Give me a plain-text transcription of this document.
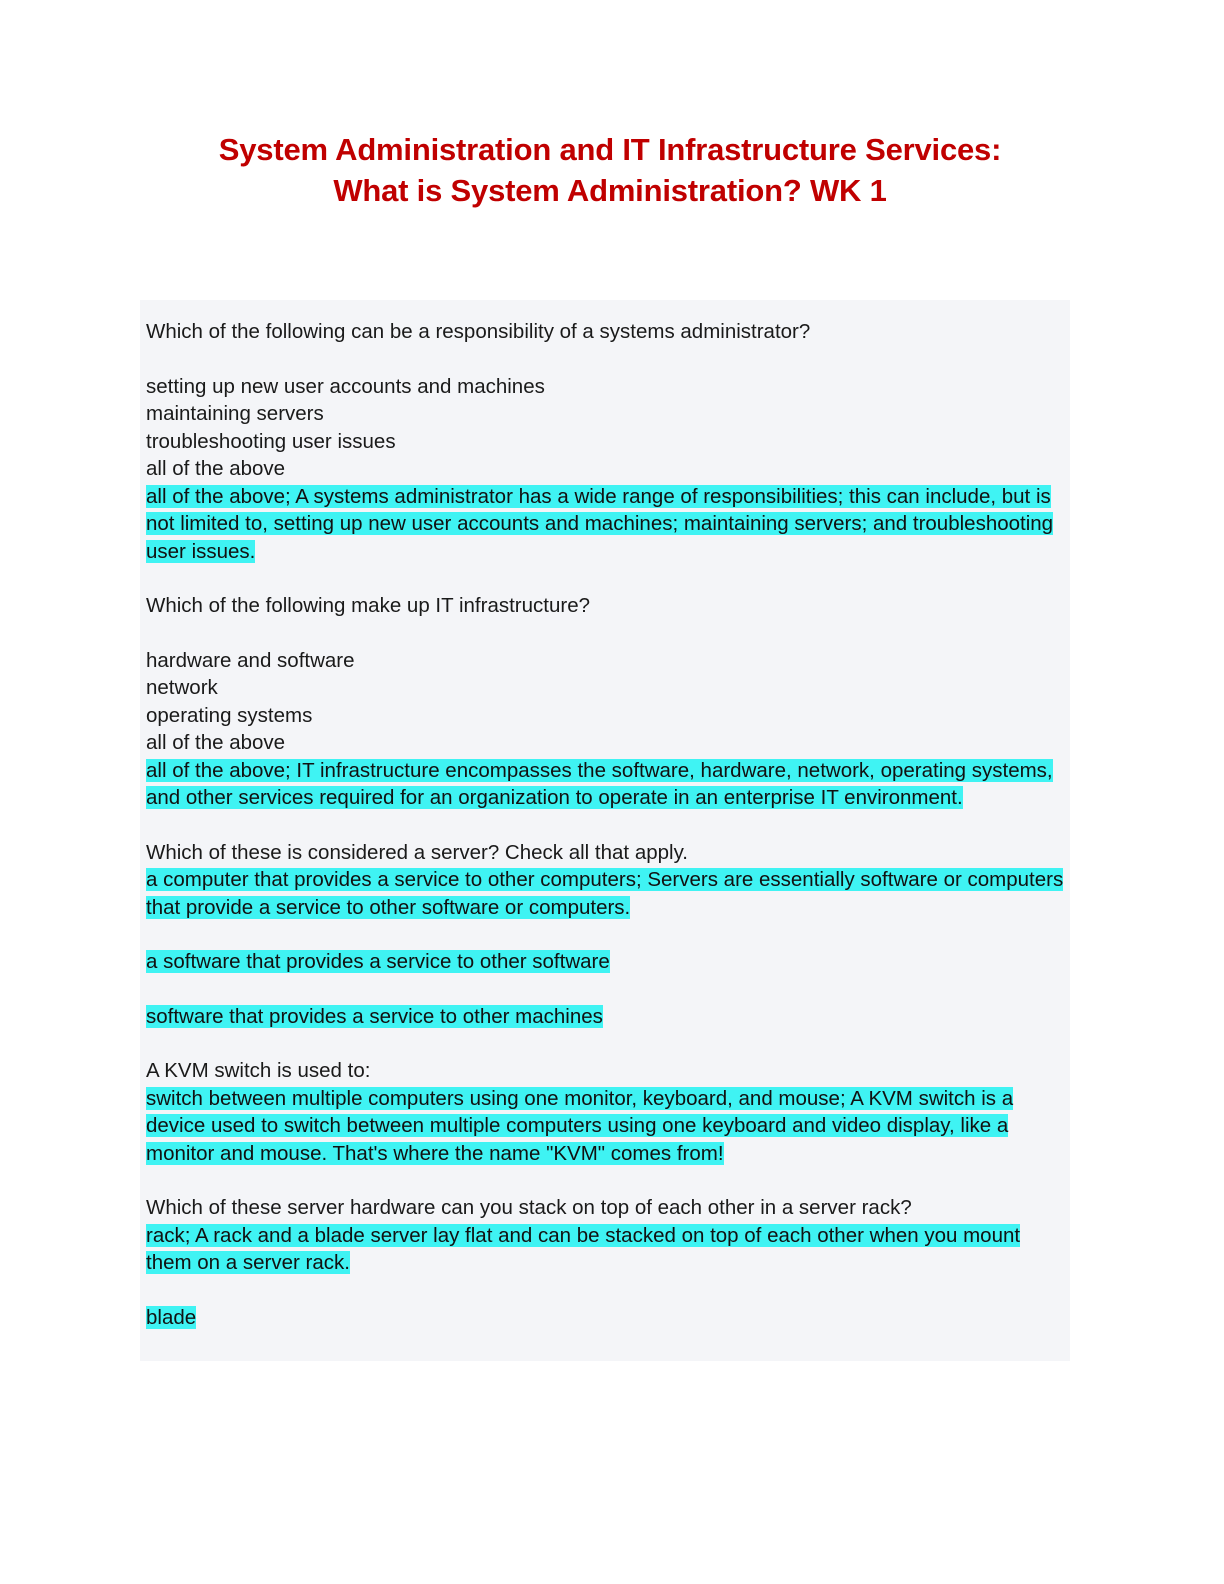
System Administration and IT Infrastructure Services:
What is System Administration? WK 1
Which of the following can be a responsibility of a systems administrator?
setting up new user accounts and machines
maintaining servers
troubleshooting user issues
all of the above

all of the above; A systems administrator has a wide range of responsibilities; this can include, but is not limited to, setting up new user accounts and machines; maintaining servers; and troubleshooting user issues.

Which of the following make up IT infrastructure?
hardware and software
network
operating systems
all of the above

all of the above; IT infrastructure encompasses the software, hardware, network, operating systems, and other services required for an organization to operate in an enterprise IT environment.

Which of these is considered a server? Check all that apply.

a computer that provides a service to other computers; Servers are essentially software or computers that provide a service to other software or computers.

a software that provides a service to other software

software that provides a service to other machines

A KVM switch is used to:

switch between multiple computers using one monitor, keyboard, and mouse; A KVM switch is a device used to switch between multiple computers using one keyboard and video display, like a monitor and mouse. That's where the name "KVM" comes from!

Which of these server hardware can you stack on top of each other in a server rack?

rack; A rack and a blade server lay flat and can be stacked on top of each other when you mount them on a server rack.

blade
